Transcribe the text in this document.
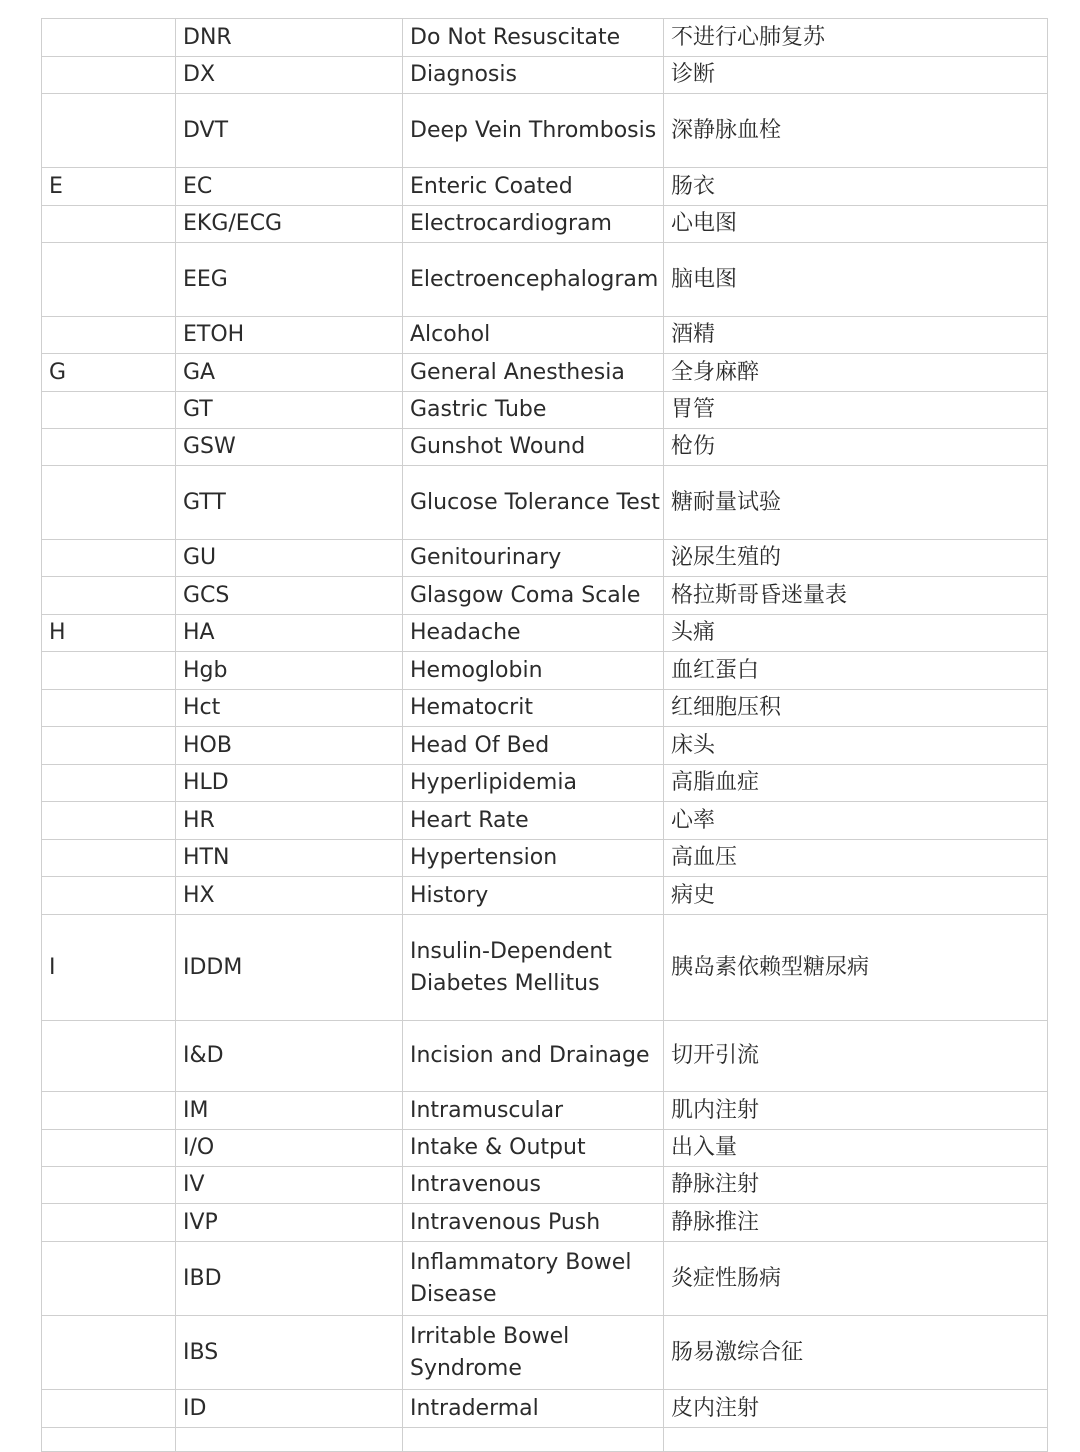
	DNR	Do Not Resuscitate	不进行心肺复苏
	DX	Diagnosis	诊断
	DVT	Deep Vein Thrombosis	深静脉血栓
E	EC	Enteric Coated	肠衣
	EKG/ECG	Electrocardiogram	心电图
	EEG	Electroencephalogram	脑电图
	ETOH	Alcohol	酒精
G	GA	General Anesthesia	全身麻醉
	GT	Gastric Tube	胃管
	GSW	Gunshot Wound	枪伤
	GTT	Glucose Tolerance Test	糖耐量试验
	GU	Genitourinary	泌尿生殖的
	GCS	Glasgow Coma Scale	格拉斯哥昏迷量表
H	HA	Headache	头痛
	Hgb	Hemoglobin	血红蛋白
	Hct	Hematocrit	红细胞压积
	HOB	Head Of Bed	床头
	HLD	Hyperlipidemia	高脂血症
	HR	Heart Rate	心率
	HTN	Hypertension	高血压
	HX	History	病史
I	IDDM	Insulin-Dependent Diabetes Mellitus	胰岛素依赖型糖尿病
	I&D	Incision and Drainage	切开引流
	IM	Intramuscular	肌内注射
	I/O	Intake & Output	出入量
	IV	Intravenous	静脉注射
	IVP	Intravenous Push	静脉推注
	IBD	Inflammatory Bowel Disease	炎症性肠病
	IBS	Irritable Bowel Syndrome	肠易激综合征
	ID	Intradermal	皮内注射
